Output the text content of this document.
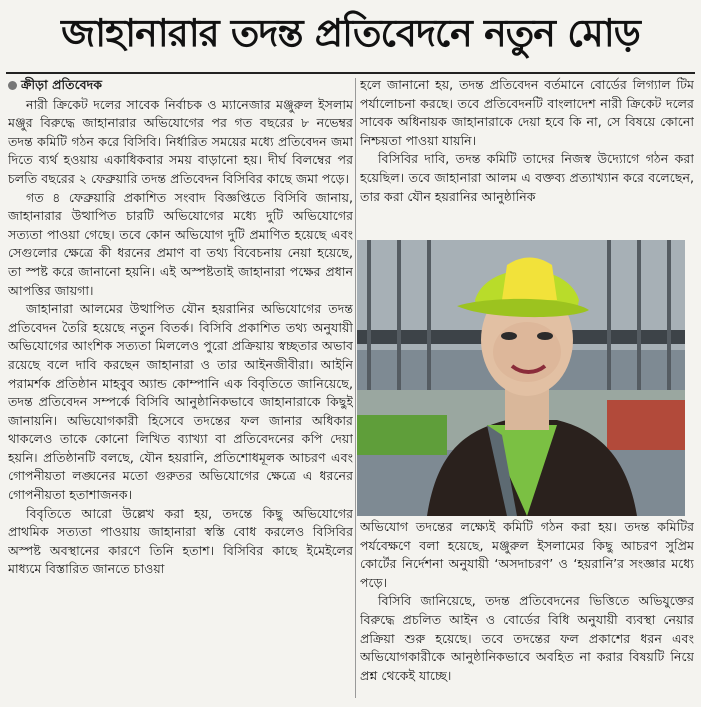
জাহানারার তদন্ত প্রতিবেদনে নতুন মোড়
ক্রীড়া প্রতিবেদক

নারী ক্রিকেট দলের সাবেক নির্বাচক ও ম্যানেজার মঞ্জুরুল ইসলাম মঞ্জুর বিরুদ্ধে জাহানারার অভিযোগের পর গত বছরের ৮ নভেম্বর তদন্ত কমিটি গঠন করে বিসিবি। নির্ধারিত সময়ের মধ্যে প্রতিবেদন জমা দিতে ব্যর্থ হওয়ায় একাধিকবার সময় বাড়ানো হয়। দীর্ঘ বিলম্বের পর চলতি বছরের ২ ফেব্রুয়ারি তদন্ত প্রতিবেদন বিসিবির কাছে জমা পড়ে।

গত ৪ ফেব্রুয়ারি প্রকাশিত সংবাদ বিজ্ঞপ্তিতে বিসিবি জানায়, জাহানারার উত্থাপিত চারটি অভিযোগের মধ্যে দুটি অভিযোগের সত্যতা পাওয়া গেছে। তবে কোন অভিযোগ দুটি প্রমাণিত হয়েছে এবং সেগুলোর ক্ষেত্রে কী ধরনের প্রমাণ বা তথ্য বিবেচনায় নেয়া হয়েছে, তা স্পষ্ট করে জানানো হয়নি। এই অস্পষ্টতাই জাহানারা পক্ষের প্রধান আপত্তির জায়গা।

জাহানারা আলমের উত্থাপিত যৌন হয়রানির অভিযোগের তদন্ত প্রতিবেদন তৈরি হয়েছে নতুন বিতর্ক। বিসিবি প্রকাশিত তথ্য অনুযায়ী অভিযোগের আংশিক সত্যতা মিললেও পুরো প্রক্রিয়ায় স্বচ্ছতার অভাব রয়েছে বলে দাবি করছেন জাহানারা ও তার আইনজীবীরা। আইনি পরামর্শক প্রতিষ্ঠান মাহবুব অ্যান্ড কোম্পানি এক বিবৃতিতে জানিয়েছে, তদন্ত প্রতিবেদন সম্পর্কে বিসিবি আনুষ্ঠানিকভাবে জাহানারাকে কিছুই জানায়নি। অভিযোগকারী হিসেবে তদন্তের ফল জানার অধিকার থাকলেও তাকে কোনো লিখিত ব্যাখ্যা বা প্রতিবেদনের কপি দেয়া হয়নি। প্রতিষ্ঠানটি বলছে, যৌন হয়রানি, প্রতিশোধমূলক আচরণ এবং গোপনীয়তা লঙ্ঘনের মতো গুরুতর অভিযোগের ক্ষেত্রে এ ধরনের গোপনীয়তা হতাশাজনক।

বিবৃতিতে আরো উল্লেখ করা হয়, তদন্তে কিছু অভিযোগের প্রাথমিক সত্যতা পাওয়ায় জাহানারা স্বস্তি বোধ করলেও বিসিবির অস্পষ্ট অবস্থানের কারণে তিনি হতাশ। বিসিবির কাছে ইমেইলের মাধ্যমে বিস্তারিত জানতে চাওয়া

হলে জানানো হয়, তদন্ত প্রতিবেদন বর্তমানে বোর্ডের লিগ্যাল টিম পর্যালোচনা করছে। তবে প্রতিবেদনটি বাংলাদেশ নারী ক্রিকেট দলের সাবেক অধিনায়ক জাহানারাকে দেয়া হবে কি না, সে বিষয়ে কোনো নিশ্চয়তা পাওয়া যায়নি।

বিসিবির দাবি, তদন্ত কমিটি তাদের নিজস্ব উদ্যোগে গঠন করা হয়েছিল। তবে জাহানারা আলম এ বক্তব্য প্রত্যাখ্যান করে বলেছেন, তার করা যৌন হয়রানির আনুষ্ঠানিক

অভিযোগ তদন্তের লক্ষ্যেই কমিটি গঠন করা হয়। তদন্ত কমিটির পর্যবেক্ষণে বলা হয়েছে, মঞ্জুরুল ইসলামের কিছু আচরণ সুপ্রিম কোর্টের নির্দেশনা অনুযায়ী ‘অসদাচরণ’ ও ‘হয়রানি’র সংজ্ঞার মধ্যে পড়ে।

বিসিবি জানিয়েছে, তদন্ত প্রতিবেদনের ভিত্তিতে অভিযুক্তের বিরুদ্ধে প্রচলিত আইন ও বোর্ডের বিধি অনুযায়ী ব্যবস্থা নেয়ার প্রক্রিয়া শুরু হয়েছে। তবে তদন্তের ফল প্রকাশের ধরন এবং অভিযোগকারীকে আনুষ্ঠানিকভাবে অবহিত না করার বিষয়টি নিয়ে প্রশ্ন থেকেই যাচ্ছে।
